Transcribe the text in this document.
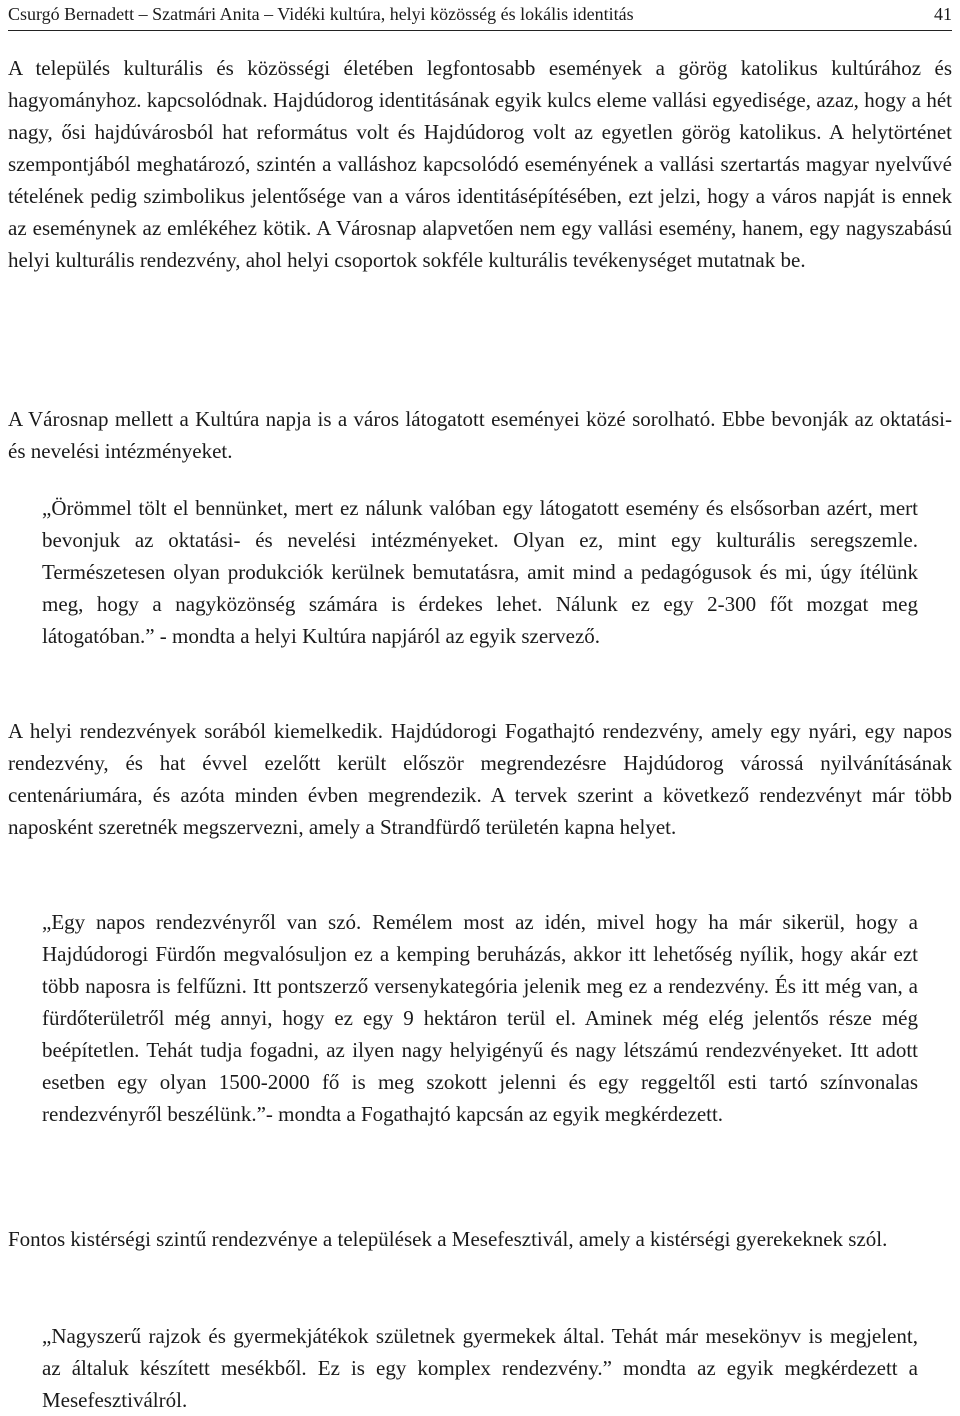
Csurgó Bernadett – Szatmári Anita – Vidéki kultúra, helyi közösség és lokális identitás	41

A település kulturális és közösségi életében legfontosabb események a görög katolikus kultúrához és hagyományhoz. kapcsolódnak. Hajdúdorog identitásának egyik kulcs eleme vallási egyedisége, azaz, hogy a hét nagy, ősi hajdúvárosból hat református volt és Hajdúdorog volt az egyetlen görög katolikus. A helytörténet szempontjából meghatározó, szintén a valláshoz kapcsolódó eseményének a vallási szertartás magyar nyelvűvé tételének pedig szimbolikus jelentősége van a város identitásépítésében, ezt jelzi, hogy a város napját is ennek az eseménynek az emlékéhez kötik. A Városnap alapvetően nem egy vallási esemény, hanem, egy nagyszabású helyi kulturális rendezvény, ahol helyi csoportok sokféle kulturális tevékenységet mutatnak be.

A Városnap mellett a Kultúra napja is a város látogatott eseményei közé sorolható. Ebbe bevonják az oktatási- és nevelési intézményeket.

„Örömmel tölt el bennünket, mert ez nálunk valóban egy látogatott esemény és elsősorban azért, mert bevonjuk az oktatási- és nevelési intézményeket. Olyan ez, mint egy kulturális seregszemle. Természetesen olyan produkciók kerülnek bemutatásra, amit mind a pedagógusok és mi, úgy ítélünk meg, hogy a nagyközönség számára is érdekes lehet. Nálunk ez egy 2-300 főt mozgat meg látogatóban.” - mondta a helyi Kultúra napjáról az egyik szervező.

A helyi rendezvények sorából kiemelkedik. Hajdúdorogi Fogathajtó rendezvény, amely egy nyári, egy napos rendezvény, és hat évvel ezelőtt került először megrendezésre Hajdúdorog várossá nyilvánításának centenáriumára, és azóta minden évben megrendezik. A tervek szerint a következő rendezvényt már több naposként szeretnék megszervezni, amely a Strandfürdő területén kapna helyet.

„Egy napos rendezvényről van szó. Remélem most az idén, mivel hogy ha már sikerül, hogy a Hajdúdorogi Fürdőn megvalósuljon ez a kemping beruházás, akkor itt lehetőség nyílik, hogy akár ezt több naposra is felfűzni. Itt pontszerző versenykategória jelenik meg ez a rendezvény. És itt még van, a fürdőterületről még annyi, hogy ez egy 9 hektáron terül el. Aminek még elég jelentős része még beépítetlen. Tehát tudja fogadni, az ilyen nagy helyigényű és nagy létszámú rendezvényeket. Itt adott esetben egy olyan 1500-2000 fő is meg szokott jelenni és egy reggeltől esti tartó színvonalas rendezvényről beszélünk.”- mondta a Fogathajtó kapcsán az egyik megkérdezett.

Fontos kistérségi szintű rendezvénye a települések a Mesefesztivál, amely a kistérségi gyerekeknek szól.

„Nagyszerű rajzok és gyermekjátékok születnek gyermekek által. Tehát már mesekönyv is megjelent, az általuk készített mesékből. Ez is egy komplex rendezvény.” mondta az egyik megkérdezett a Mesefesztiválról.
